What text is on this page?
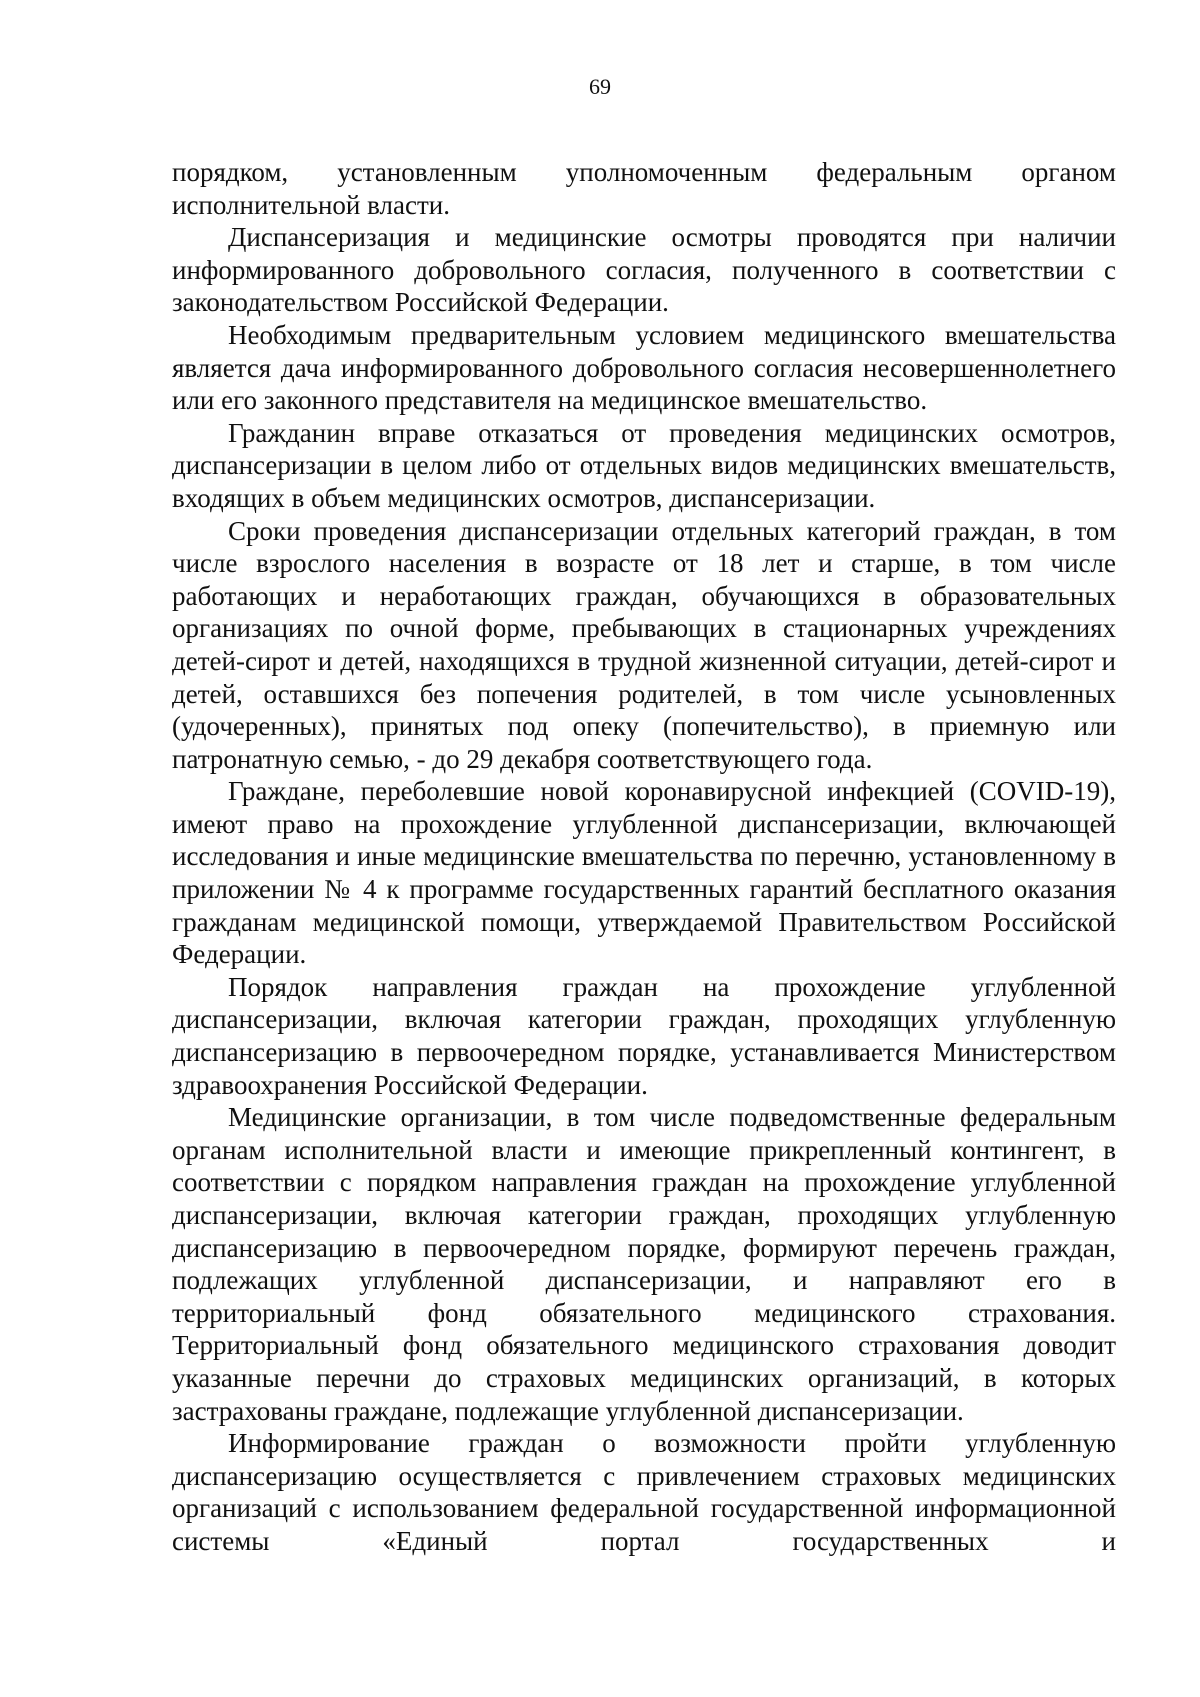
69

порядком, установленным уполномоченным федеральным органом исполнительной власти.

Диспансеризация и медицинские осмотры проводятся при наличии информированного добровольного согласия, полученного в соответствии с законодательством Российской Федерации.

Необходимым предварительным условием медицинского вмешательства является дача информированного добровольного согласия несовершеннолетнего или его законного представителя на медицинское вмешательство.

Гражданин вправе отказаться от проведения медицинских осмотров, диспансеризации в целом либо от отдельных видов медицинских вмешательств, входящих в объем медицинских осмотров, диспансеризации.

Сроки проведения диспансеризации отдельных категорий граждан, в том числе взрослого населения в возрасте от 18 лет и старше, в том числе работающих и неработающих граждан, обучающихся в образовательных организациях по очной форме, пребывающих в стационарных учреждениях детей-сирот и детей, находящихся в трудной жизненной ситуации, детей-сирот и детей, оставшихся без попечения родителей, в том числе усыновленных (удочеренных), принятых под опеку (попечительство), в приемную или патронатную семью, - до 29 декабря соответствующего года.

Граждане, переболевшие новой коронавирусной инфекцией (COVID-19), имеют право на прохождение углубленной диспансеризации, включающей исследования и иные медицинские вмешательства по перечню, установленному в приложении № 4 к программе государственных гарантий бесплатного оказания гражданам медицинской помощи, утверждаемой Правительством Российской Федерации.

Порядок направления граждан на прохождение углубленной диспансеризации, включая категории граждан, проходящих углубленную диспансеризацию в первоочередном порядке, устанавливается Министерством здравоохранения Российской Федерации.

Медицинские организации, в том числе подведомственные федеральным органам исполнительной власти и имеющие прикрепленный контингент, в соответствии с порядком направления граждан на прохождение углубленной диспансеризации, включая категории граждан, проходящих углубленную диспансеризацию в первоочередном порядке, формируют перечень граждан, подлежащих углубленной диспансеризации, и направляют его в территориальный фонд обязательного медицинского страхования. Территориальный фонд обязательного медицинского страхования доводит указанные перечни до страховых медицинских организаций, в которых застрахованы граждане, подлежащие углубленной диспансеризации.

Информирование граждан о возможности пройти углубленную диспансеризацию осуществляется с привлечением страховых медицинских организаций с использованием федеральной государственной информационной системы «Единый портал государственных и
